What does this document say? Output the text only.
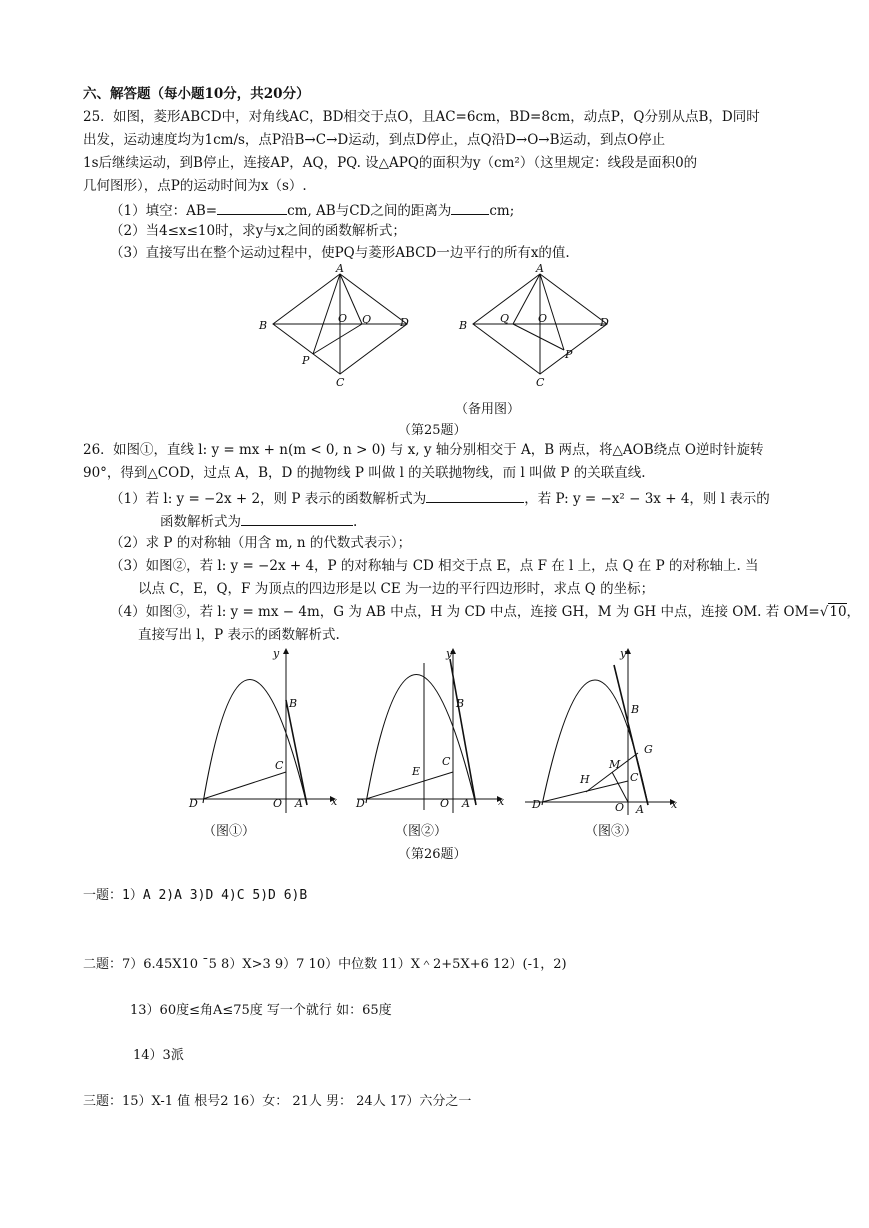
六、解答题（每小题10分，共20分）
25． 如图，菱形ABCD中，对角线AC，BD相交于点O，且AC=6cm，BD=8cm，动点P，Q分别从点B，D同时
出发，运动速度均为1cm/s，点P沿B→C→D运动，到点D停止，点Q沿D→O→B运动，到点O停止
1s后继续运动，到B停止，连接AP，AQ，PQ. 设△APQ的面积为y（cm²）（这里规定：线段是面积0的
几何图形），点P的运动时间为x（s）.
（1）填空：AB=	cm, AB与CD之间的距离为	cm;
（2）当4≤x≤10时，求y与x之间的函数解析式；
（3）直接写出在整个运动过程中，使PQ与菱形ABCD一边平行的所有x的值.
A
B
C
D
O Q
P
A
B
C
D
O
Q
P
（备用图）
（第25题）
26． 如图①，直线 l: y = mx + n(m < 0, n > 0) 与 x, y 轴分别相交于 A，B 两点，将△AOB绕点 O逆时针旋转
90°，得到△COD，过点 A，B，D 的抛物线 P 叫做 l 的关联抛物线，而 l 叫做 P 的关联直线.
（1）若 l: y = −2x + 2，则 P 表示的函数解析式为	，若 P: y = −x² − 3x + 4，则 l 表示的
函数解析式为	.
（2）求 P 的对称轴（用含 m, n 的代数式表示）；
（3）如图②，若 l: y = −2x + 4，P 的对称轴与 CD 相交于点 E，点 F 在 l 上，点 Q 在 P 的对称轴上. 当
以点 C，E，Q，F 为顶点的四边形是以 CE 为一边的平行四边形时，求点 Q 的坐标；
（4）如图③，若 l: y = mx − 4m，G 为 AB 中点，H 为 CD 中点，连接 GH，M 为 GH 中点，连接 OM. 若 OM=√10，
直接写出 l，P 表示的函数解析式.
y
x
B
C
D	O A
y
x
B
C
E
D	O A
y
x
B
G
M
C
H
D	O A
（图①）	（图②）	（图③）
（第26题）
一题：1）A 2)A 3)D 4)C 5)D 6)B
二题：7）6.45X10 ˉ5 8）X>3 9）7 10）中位数 11）X＾2+5X+6 12）(-1，2)
13）60度≤角A≤75度 写一个就行 如：65度
14）3派
三题：15）X-1 值 根号2 16）女： 21人 男： 24人 17）六分之一
